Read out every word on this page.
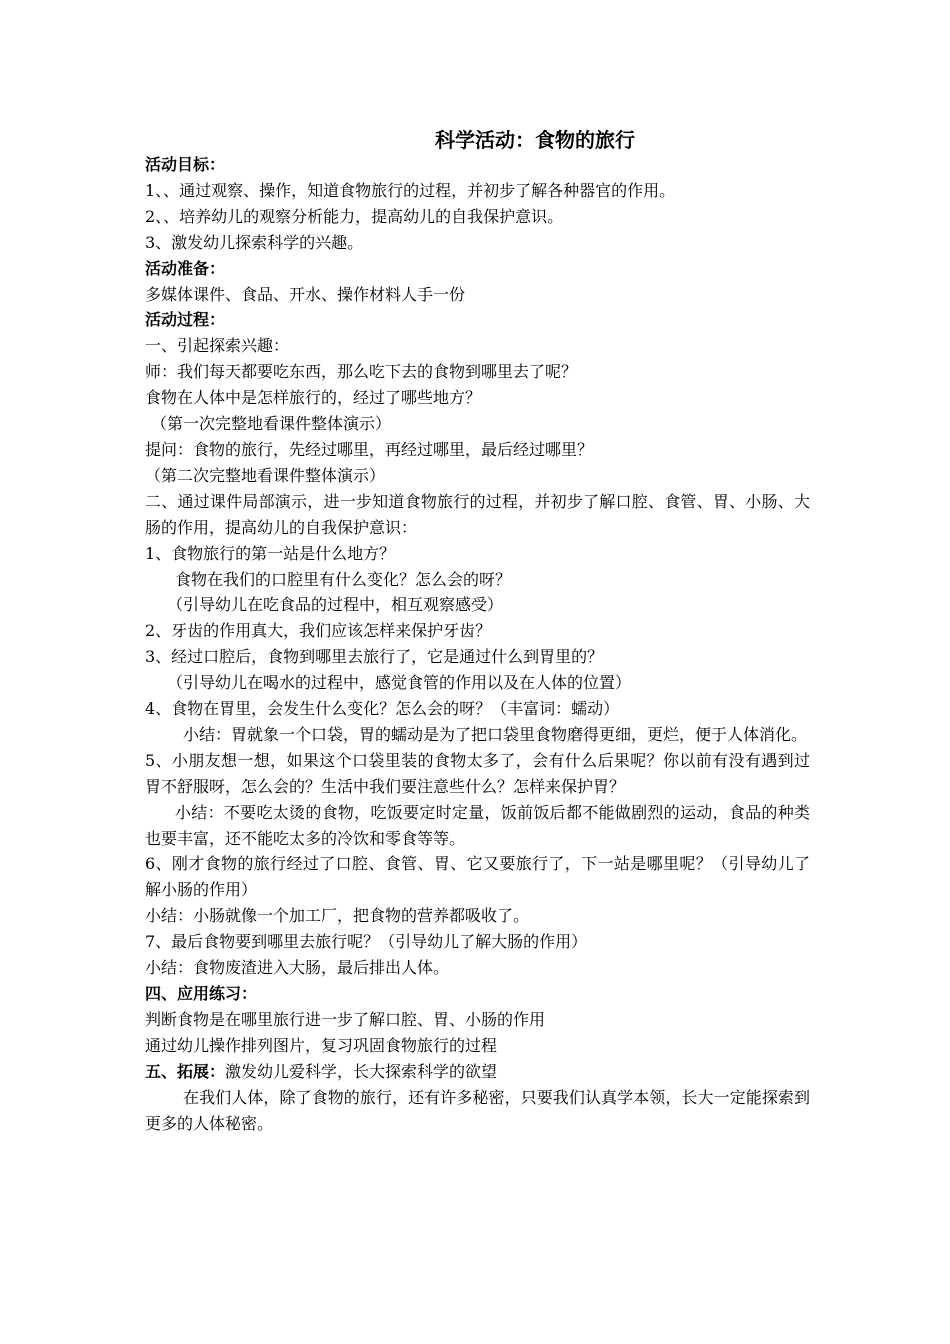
科学活动：食物的旅行
活动目标：
1、、通过观察、操作，知道食物旅行的过程，并初步了解各种器官的作用。
2、、培养幼儿的观察分析能力，提高幼儿的自我保护意识。
3、激发幼儿探索科学的兴趣。
活动准备：
多媒体课件、食品、开水、操作材料人手一份
活动过程：
一、引起探索兴趣：
师：我们每天都要吃东西，那么吃下去的食物到哪里去了呢？
食物在人体中是怎样旅行的，经过了哪些地方？
（第一次完整地看课件整体演示）
提问：食物的旅行，先经过哪里，再经过哪里，最后经过哪里？
（第二次完整地看课件整体演示）
二、通过课件局部演示，进一步知道食物旅行的过程，并初步了解口腔、食管、胃、小肠、大肠的作用，提高幼儿的自我保护意识：
1、食物旅行的第一站是什么地方？
食物在我们的口腔里有什么变化？怎么会的呀？
（引导幼儿在吃食品的过程中，相互观察感受）
2、牙齿的作用真大，我们应该怎样来保护牙齿？
3、经过口腔后，食物到哪里去旅行了，它是通过什么到胃里的？
（引导幼儿在喝水的过程中，感觉食管的作用以及在人体的位置）
4、食物在胃里，会发生什么变化？怎么会的呀？（丰富词：蠕动）
小结：胃就象一个口袋，胃的蠕动是为了把口袋里食物磨得更细，更烂，便于人体消化。
5、小朋友想一想，如果这个口袋里装的食物太多了，会有什么后果呢？你以前有没有遇到过胃不舒服呀，怎么会的？生活中我们要注意些什么？怎样来保护胃？
小结：不要吃太烫的食物，吃饭要定时定量，饭前饭后都不能做剧烈的运动，食品的种类也要丰富，还不能吃太多的冷饮和零食等等。
6、刚才食物的旅行经过了口腔、食管、胃、它又要旅行了，下一站是哪里呢？（引导幼儿了解小肠的作用）
小结：小肠就像一个加工厂，把食物的营养都吸收了。
7、最后食物要到哪里去旅行呢？（引导幼儿了解大肠的作用）
小结：食物废渣进入大肠，最后排出人体。
四、应用练习：
判断食物是在哪里旅行进一步了解口腔、胃、小肠的作用
通过幼儿操作排列图片，复习巩固食物旅行的过程
五、拓展：激发幼儿爱科学，长大探索科学的欲望
在我们人体，除了食物的旅行，还有许多秘密，只要我们认真学本领，长大一定能探索到更多的人体秘密。
